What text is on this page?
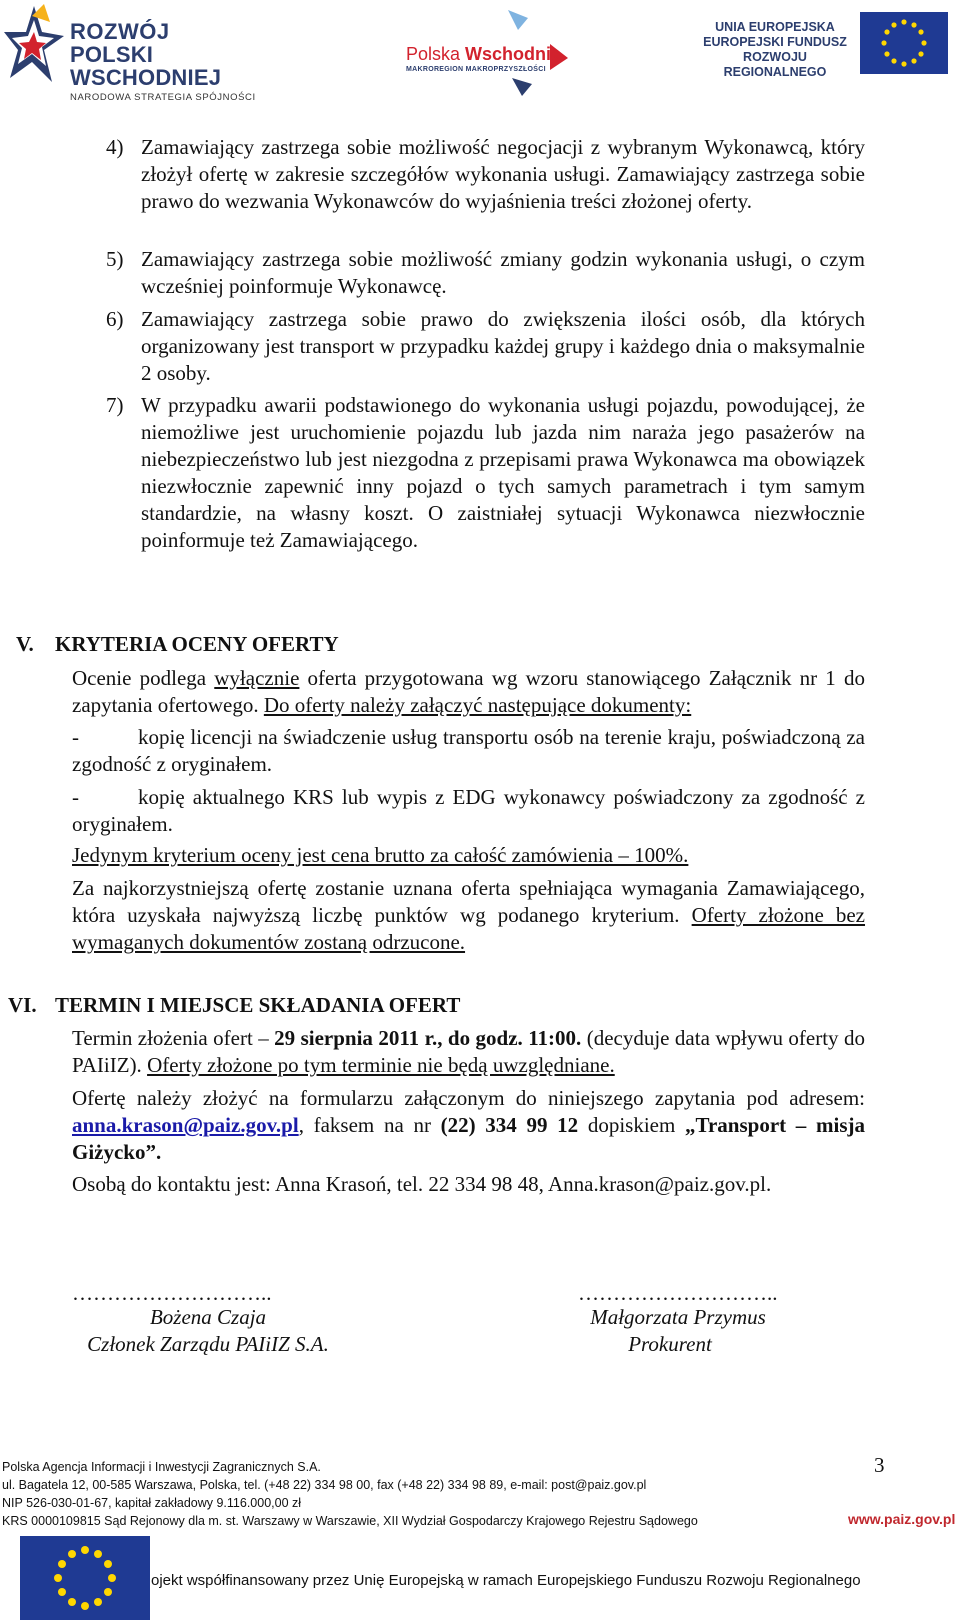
ROZWÓJ
POLSKI WSCHODNIEJ
NARODOWA STRATEGIA SPÓJNOŚCI
Polska Wschodnia
MAKROREGION MAKROPRZYSZŁOŚCI
UNIA EUROPEJSKA
EUROPEJSKI FUNDUSZ
ROZWOJU REGIONALNEGO
4) Zamawiający zastrzega sobie możliwość negocjacji z wybranym Wykonawcą, który złożył ofertę w zakresie szczegółów wykonania usługi. Zamawiający zastrzega sobie prawo do wezwania Wykonawców do wyjaśnienia treści złożonej oferty.
5) Zamawiający zastrzega sobie możliwość zmiany godzin wykonania usługi, o czym wcześniej poinformuje Wykonawcę.
6) Zamawiający zastrzega sobie prawo do zwiększenia ilości osób, dla których organizowany jest transport w przypadku każdej grupy i każdego dnia o maksymalnie 2 osoby.
7) W przypadku awarii podstawionego do wykonania usługi pojazdu, powodującej, że niemożliwe jest uruchomienie pojazdu lub jazda nim naraża jego pasażerów na niebezpieczeństwo lub jest niezgodna z przepisami prawa Wykonawca ma obowiązek niezwłocznie zapewnić inny pojazd o tych samych parametrach i tym samym standardzie, na własny koszt. O zaistniałej sytuacji Wykonawca niezwłocznie poinformuje też Zamawiającego.
V. KRYTERIA OCENY OFERTY
Ocenie podlega wyłącznie oferta przygotowana wg wzoru stanowiącego Załącznik nr 1 do zapytania ofertowego. Do oferty należy załączyć następujące dokumenty:
-	kopię licencji na świadczenie usług transportu osób na terenie kraju, poświadczoną za zgodność z oryginałem.
-	kopię aktualnego KRS lub wypis z EDG wykonawcy poświadczony za zgodność z oryginałem.
Jedynym kryterium oceny jest cena brutto za całość zamówienia – 100%.
Za najkorzystniejszą ofertę zostanie uznana oferta spełniająca wymagania Zamawiającego, która uzyskała najwyższą liczbę punktów wg podanego kryterium. Oferty złożone bez wymaganych dokumentów zostaną odrzucone.
VI. TERMIN I MIEJSCE SKŁADANIA OFERT
Termin złożenia ofert – 29 sierpnia 2011 r., do godz. 11:00. (decyduje data wpływu oferty do PAIiIZ). Oferty złożone po tym terminie nie będą uwzględniane.
Ofertę należy złożyć na formularzu załączonym do niniejszego zapytania pod adresem: anna.krason@paiz.gov.pl, faksem na nr (22) 334 99 12 dopiskiem „Transport – misja Giżycko”.
Osobą do kontaktu jest: Anna Krasoń, tel. 22 334 98 48, Anna.krason@paiz.gov.pl.
………………………..
Bożena Czaja
Członek Zarządu PAIiIZ S.A.
………………………..
Małgorzata Przymus
Prokurent
3
Polska Agencja Informacji i Inwestycji Zagranicznych S.A.
ul. Bagatela 12, 00-585 Warszawa, Polska, tel. (+48 22) 334 98 00, fax (+48 22) 334 98 89, e-mail: post@paiz.gov.pl
NIP 526-030-01-67, kapitał zakładowy 9.116.000,00 zł
KRS 0000109815 Sąd Rejonowy dla m. st. Warszawy w Warszawie, XII Wydział Gospodarczy Krajowego Rejestru Sądowego	www.paiz.gov.pl
ojekt współfinansowany przez Unię Europejską w ramach Europejskiego Funduszu Rozwoju Regionalnego
